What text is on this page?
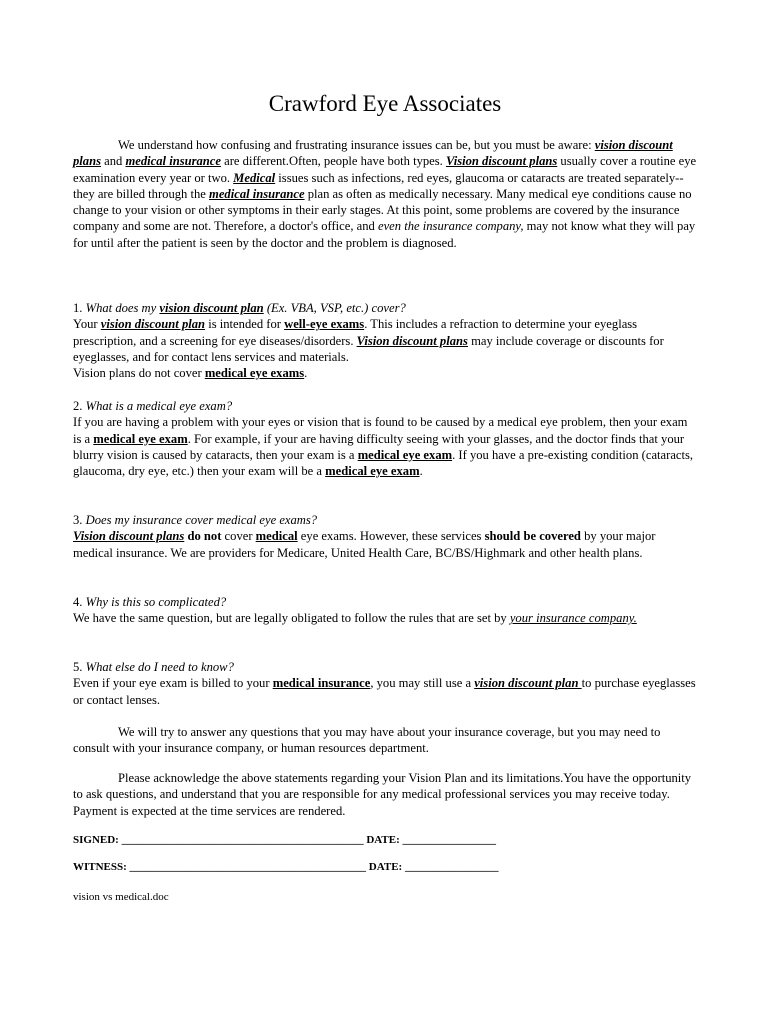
Crawford Eye Associates

We understand how confusing and frustrating insurance issues can be, but you must be aware: vision discount plans and medical insurance are different.Often, people have both types. Vision discount plans usually cover a routine eye examination every year or two. Medical issues such as infections, red eyes, glaucoma or cataracts are treated separately--they are billed through the medical insurance plan as often as medically necessary. Many medical eye conditions cause no change to your vision or other symptoms in their early stages. At this point, some problems are covered by the insurance company and some are not. Therefore, a doctor's office, and even the insurance company, may not know what they will pay for until after the patient is seen by the doctor and the problem is diagnosed.

1. What does my vision discount plan (Ex. VBA, VSP, etc.) cover?

Your vision discount plan is intended for well-eye exams. This includes a refraction to determine your eyeglass prescription, and a screening for eye diseases/disorders. Vision discount plans may include coverage or discounts for eyeglasses, and for contact lens services and materials.

Vision plans do not cover medical eye exams.

2. What is a medical eye exam?

If you are having a problem with your eyes or vision that is found to be caused by a medical eye problem, then your exam is a medical eye exam. For example, if your are having difficulty seeing with your glasses, and the doctor finds that your blurry vision is caused by cataracts, then your exam is a medical eye exam. If you have a pre-existing condition (cataracts, glaucoma, dry eye, etc.) then your exam will be a medical eye exam.

3. Does my insurance cover medical eye exams?

Vision discount plans do not cover medical eye exams. However, these services should be covered by your major medical insurance. We are providers for Medicare, United Health Care, BC/BS/Highmark and other health plans.

4. Why is this so complicated?

We have the same question, but are legally obligated to follow the rules that are set by your insurance company.

5. What else do I need to know?

Even if your eye exam is billed to your medical insurance, you may still use a vision discount plan to purchase eyeglasses or contact lenses.

We will try to answer any questions that you may have about your insurance coverage, but you may need to consult with your insurance company, or human resources department.

Please acknowledge the above statements regarding your Vision Plan and its limitations.You have the opportunity to ask questions, and understand that you are responsible for any medical professional services you may receive today. Payment is expected at the time services are rendered.

SIGNED: ____________________________________________ DATE: _________________
WITNESS: ___________________________________________ DATE: _________________
vision vs medical.doc
